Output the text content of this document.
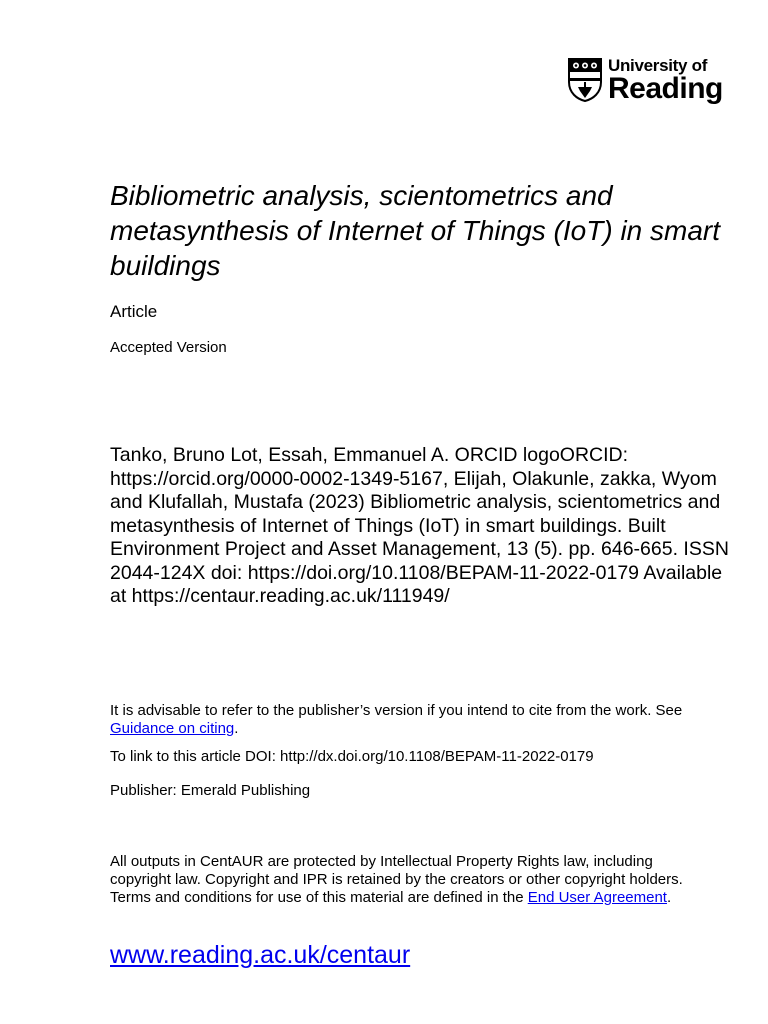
University of
Reading
Bibliometric analysis, scientometrics and metasynthesis of Internet of Things (IoT) in smart buildings
Article
Accepted Version

Tanko, Bruno Lot, Essah, Emmanuel A. ORCID logoORCID: https://orcid.org/0000-0002-1349-5167, Elijah, Olakunle, zakka, Wyom and Klufallah, Mustafa (2023) Bibliometric analysis, scientometrics and metasynthesis of Internet of Things (IoT) in smart buildings. Built Environment Project and Asset Management, 13 (5). pp. 646-665. ISSN 2044-124X doi: https://doi.org/10.1108/BEPAM-11-2022-0179 Available at https://centaur.reading.ac.uk/111949/

It is advisable to refer to the publisher’s version if you intend to cite from the work. See Guidance on citing.

To link to this article DOI: http://dx.doi.org/10.1108/BEPAM-11-2022-0179

Publisher: Emerald Publishing

All outputs in CentAUR are protected by Intellectual Property Rights law, including copyright law. Copyright and IPR is retained by the creators or other copyright holders. Terms and conditions for use of this material are defined in the End User Agreement.

www.reading.ac.uk/centaur
